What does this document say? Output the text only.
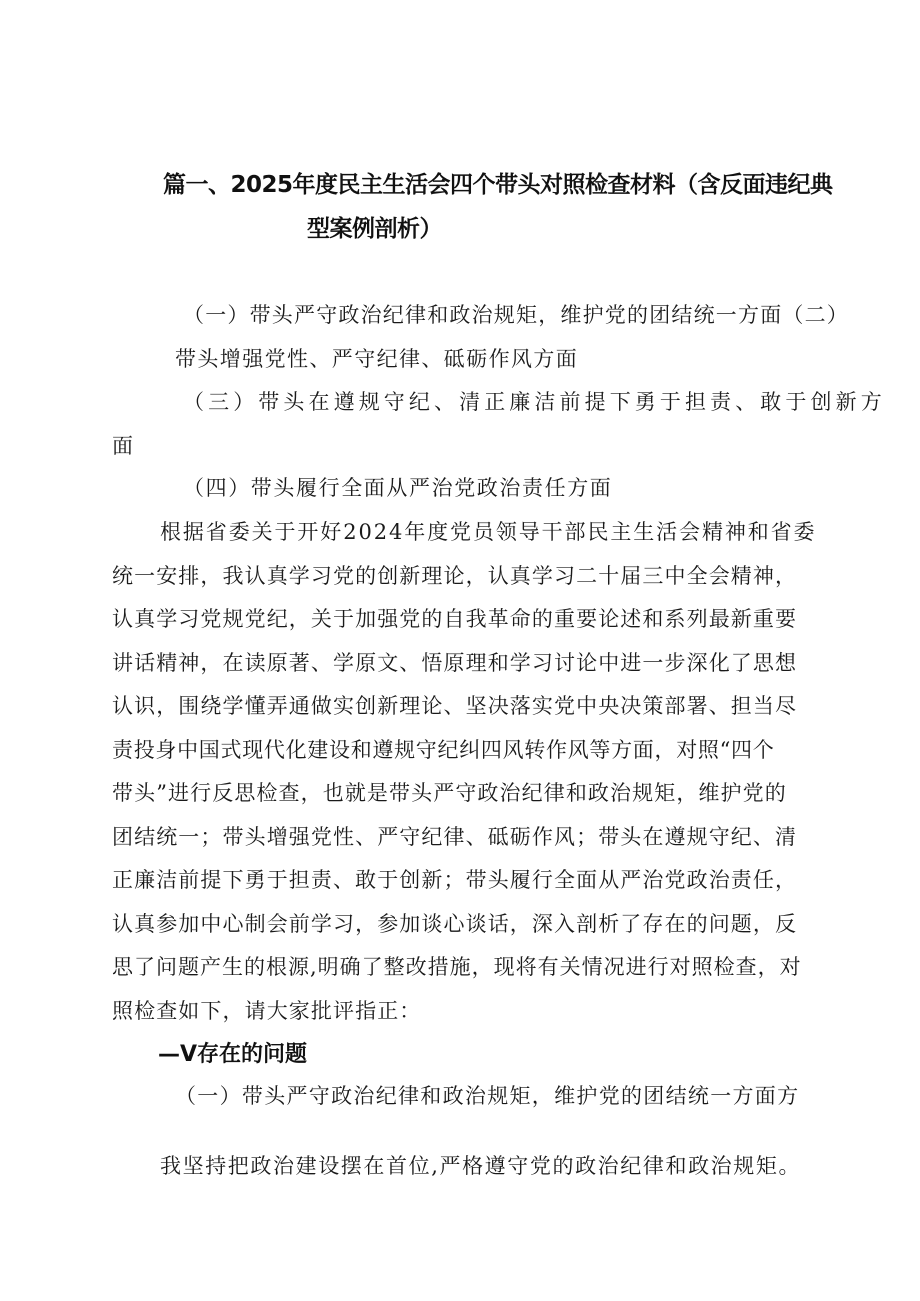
篇一、2025年度民主生活会四个带头对照检查材料（含反面违纪典
型案例剖析）

（一）带头严守政治纪律和政治规矩，维护党的团结统一方面（二）

带头增强党性、严守纪律、砥砺作风方面

（三）带头在遵规守纪、清正廉洁前提下勇于担责、敢于创新方

面

（四）带头履行全面从严治党政治责任方面

根据省委关于开好2024年度党员领导干部民主生活会精神和省委

统一安排，我认真学习党的创新理论，认真学习二十届三中全会精神，

认真学习党规党纪，关于加强党的自我革命的重要论述和系列最新重要

讲话精神，在读原著、学原文、悟原理和学习讨论中进一步深化了思想

认识，围绕学懂弄通做实创新理论、坚决落实党中央决策部署、担当尽

责投身中国式现代化建设和遵规守纪纠四风转作风等方面，对照“四个

带头”进行反思检查，也就是带头严守政治纪律和政治规矩，维护党的

团结统一；带头增强党性、严守纪律、砥砺作风；带头在遵规守纪、清

正廉洁前提下勇于担责、敢于创新；带头履行全面从严治党政治责任，

认真参加中心制会前学习，参加谈心谈话，深入剖析了存在的问题，反

思了问题产生的根源,明确了整改措施，现将有关情况进行对照检查，对

照检查如下，请大家批评指正：

—V存在的问题

（一）带头严守政治纪律和政治规矩，维护党的团结统一方面方

我坚持把政治建设摆在首位,严格遵守党的政治纪律和政治规矩。
